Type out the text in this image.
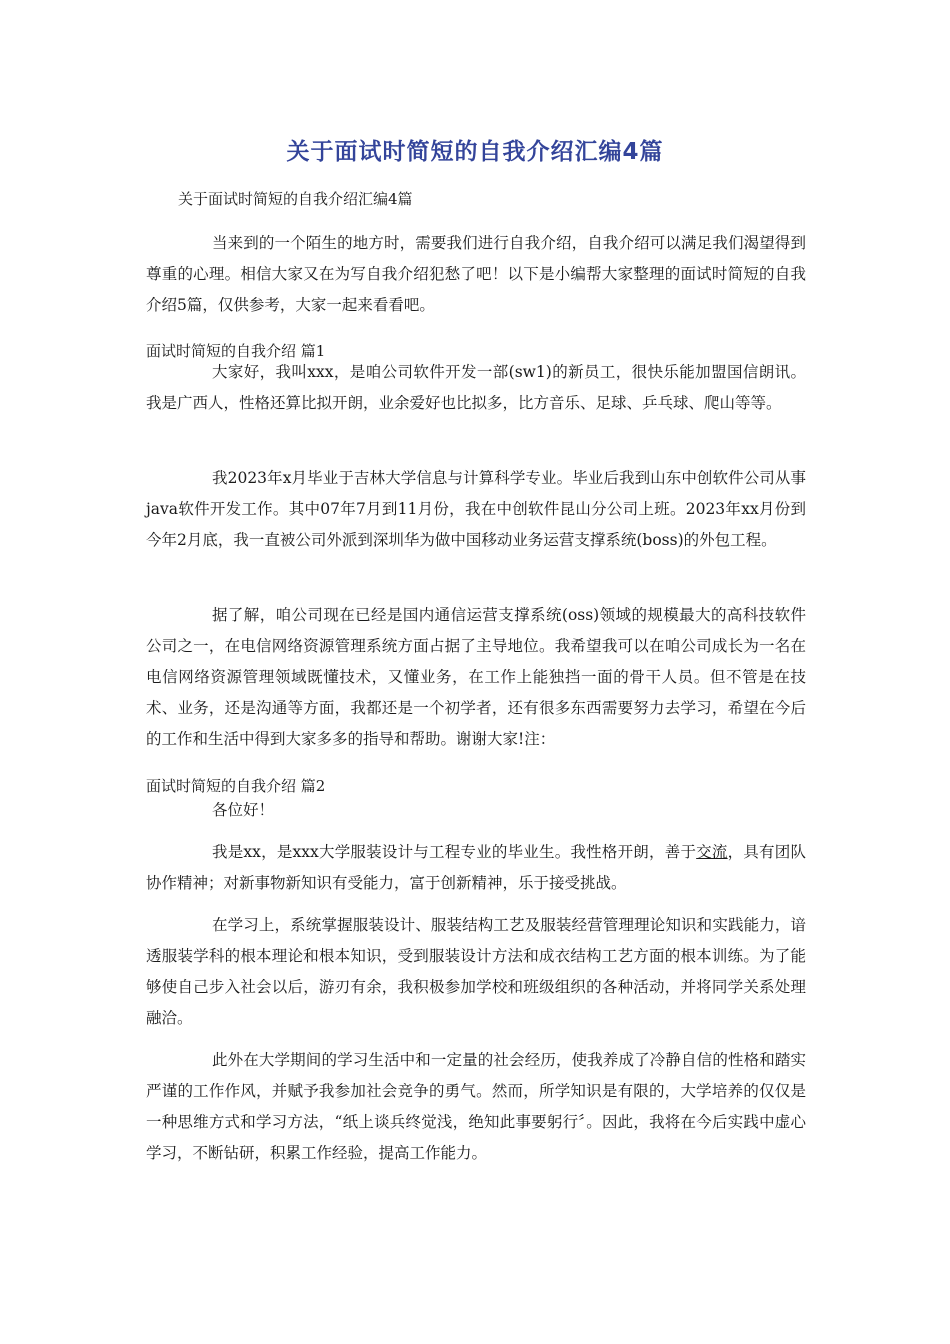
关于面试时简短的自我介绍汇编4篇
关于面试时简短的自我介绍汇编4篇

当来到的一个陌生的地方时，需要我们进行自我介绍，自我介绍可以满足我们渴望得到尊重的心理。相信大家又在为写自我介绍犯愁了吧！以下是小编帮大家整理的面试时简短的自我介绍5篇，仅供参考，大家一起来看看吧。

面试时简短的自我介绍 篇1

大家好，我叫xxx，是咱公司软件开发一部(sw1)的新员工，很快乐能加盟国信朗讯。我是广西人，性格还算比拟开朗，业余爱好也比拟多，比方音乐、足球、乒乓球、爬山等等。

我2023年x月毕业于吉林大学信息与计算科学专业。毕业后我到山东中创软件公司从事java软件开发工作。其中07年7月到11月份，我在中创软件昆山分公司上班。2023年xx月份到今年2月底，我一直被公司外派到深圳华为做中国移动业务运营支撑系统(boss)的外包工程。

据了解，咱公司现在已经是国内通信运营支撑系统(oss)领域的规模最大的高科技软件公司之一，在电信网络资源管理系统方面占据了主导地位。我希望我可以在咱公司成长为一名在电信网络资源管理领域既懂技术，又懂业务，在工作上能独挡一面的骨干人员。但不管是在技术、业务，还是沟通等方面，我都还是一个初学者，还有很多东西需要努力去学习，希望在今后的工作和生活中得到大家多多的指导和帮助。谢谢大家!注：

面试时简短的自我介绍 篇2
各位好！

我是xx，是xxx大学服装设计与工程专业的毕业生。我性格开朗，善于交流，具有团队协作精神；对新事物新知识有受能力，富于创新精神，乐于接受挑战。

在学习上，系统掌握服装设计、服装结构工艺及服装经营管理理论知识和实践能力，谙透服装学科的根本理论和根本知识，受到服装设计方法和成衣结构工艺方面的根本训练。为了能够使自己步入社会以后，游刃有余，我积极参加学校和班级组织的各种活动，并将同学关系处理融洽。

此外在大学期间的学习生活中和一定量的社会经历，使我养成了冷静自信的性格和踏实严谨的工作作风，并赋予我参加社会竞争的勇气。然而，所学知识是有限的，大学培养的仅仅是一种思维方式和学习方法，“纸上谈兵终觉浅，绝知此事要躬行〞。因此，我将在今后实践中虚心学习，不断钻研，积累工作经验，提高工作能力。
